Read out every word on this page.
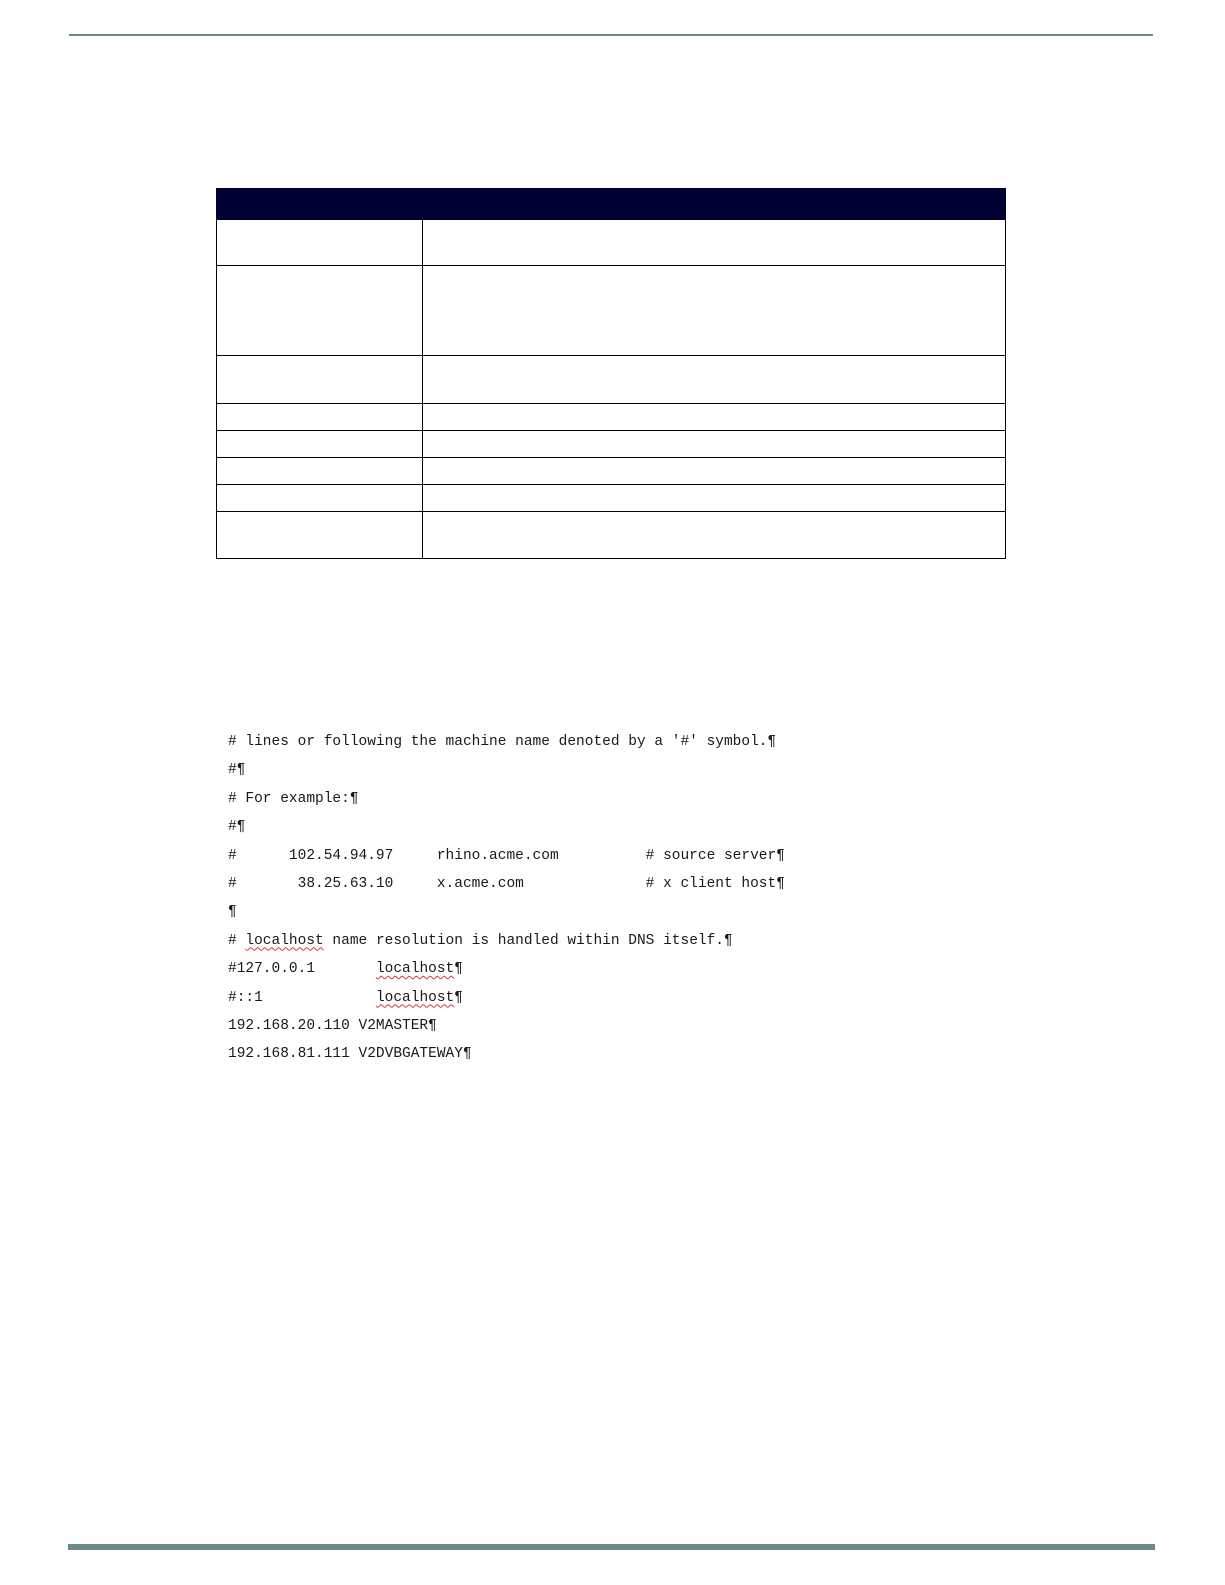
# lines or following the machine name denoted by a '#' symbol.¶
#¶
# For example:¶
#¶
#      102.54.94.97     rhino.acme.com          # source server¶
#       38.25.63.10     x.acme.com              # x client host¶
¶
# localhost name resolution is handled within DNS itself.¶
#127.0.0.1       localhost¶
#::1             localhost¶
192.168.20.110 V2MASTER¶
192.168.81.111 V2DVBGATEWAY¶
